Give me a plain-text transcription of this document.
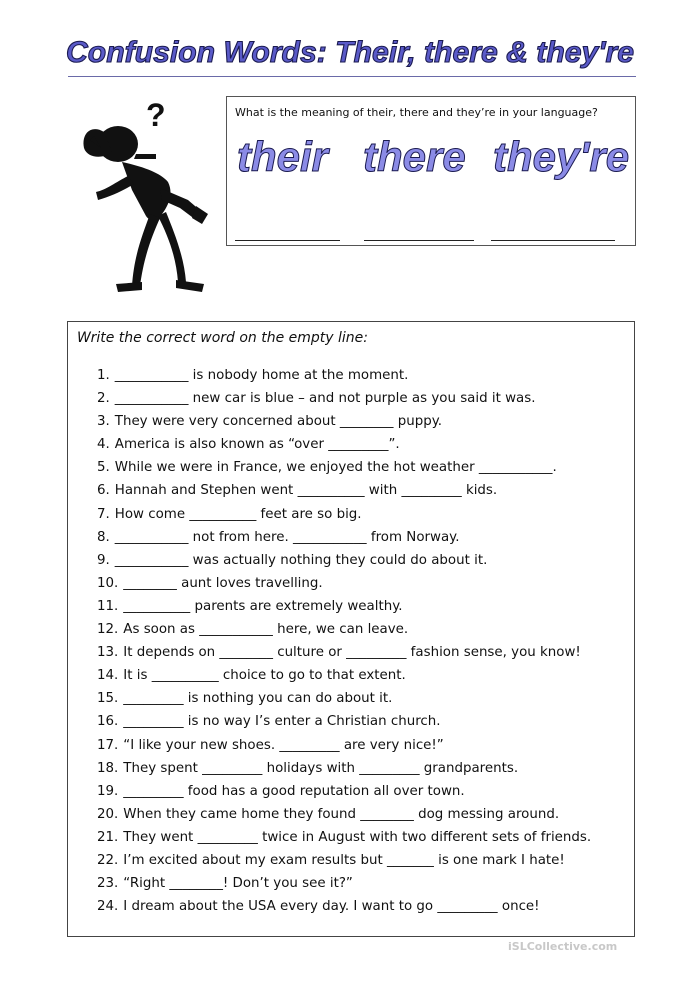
Confusion Words: Their, there & they're
?	What is the meaning of their, there and they’re in your language?
their there they're
Write the correct word on the empty line:
1. ___________ is nobody home at the moment.
2. ___________ new car is blue – and not purple as you said it was.
3. They were very concerned about ________ puppy.
4. America is also known as “over _________”.
5. While we were in France, we enjoyed the hot weather ___________.
6. Hannah and Stephen went __________ with _________ kids.
7. How come __________ feet are so big.
8. ___________ not from here. ___________ from Norway.
9. ___________ was actually nothing they could do about it.
10. ________ aunt loves travelling.
11. __________ parents are extremely wealthy.
12. As soon as ___________ here, we can leave.
13. It depends on ________ culture or _________ fashion sense, you know!
14. It is __________ choice to go to that extent.
15. _________ is nothing you can do about it.
16. _________ is no way I’s enter a Christian church.
17. “I like your new shoes. _________ are very nice!”
18. They spent _________ holidays with _________ grandparents.
19. _________ food has a good reputation all over town.
20. When they came home they found ________ dog messing around.
21. They went _________ twice in August with two different sets of friends.
22. I’m excited about my exam results but _______ is one mark I hate!
23. “Right ________! Don’t you see it?”
24. I dream about the USA every day. I want to go _________ once!
iSLCollective.com
